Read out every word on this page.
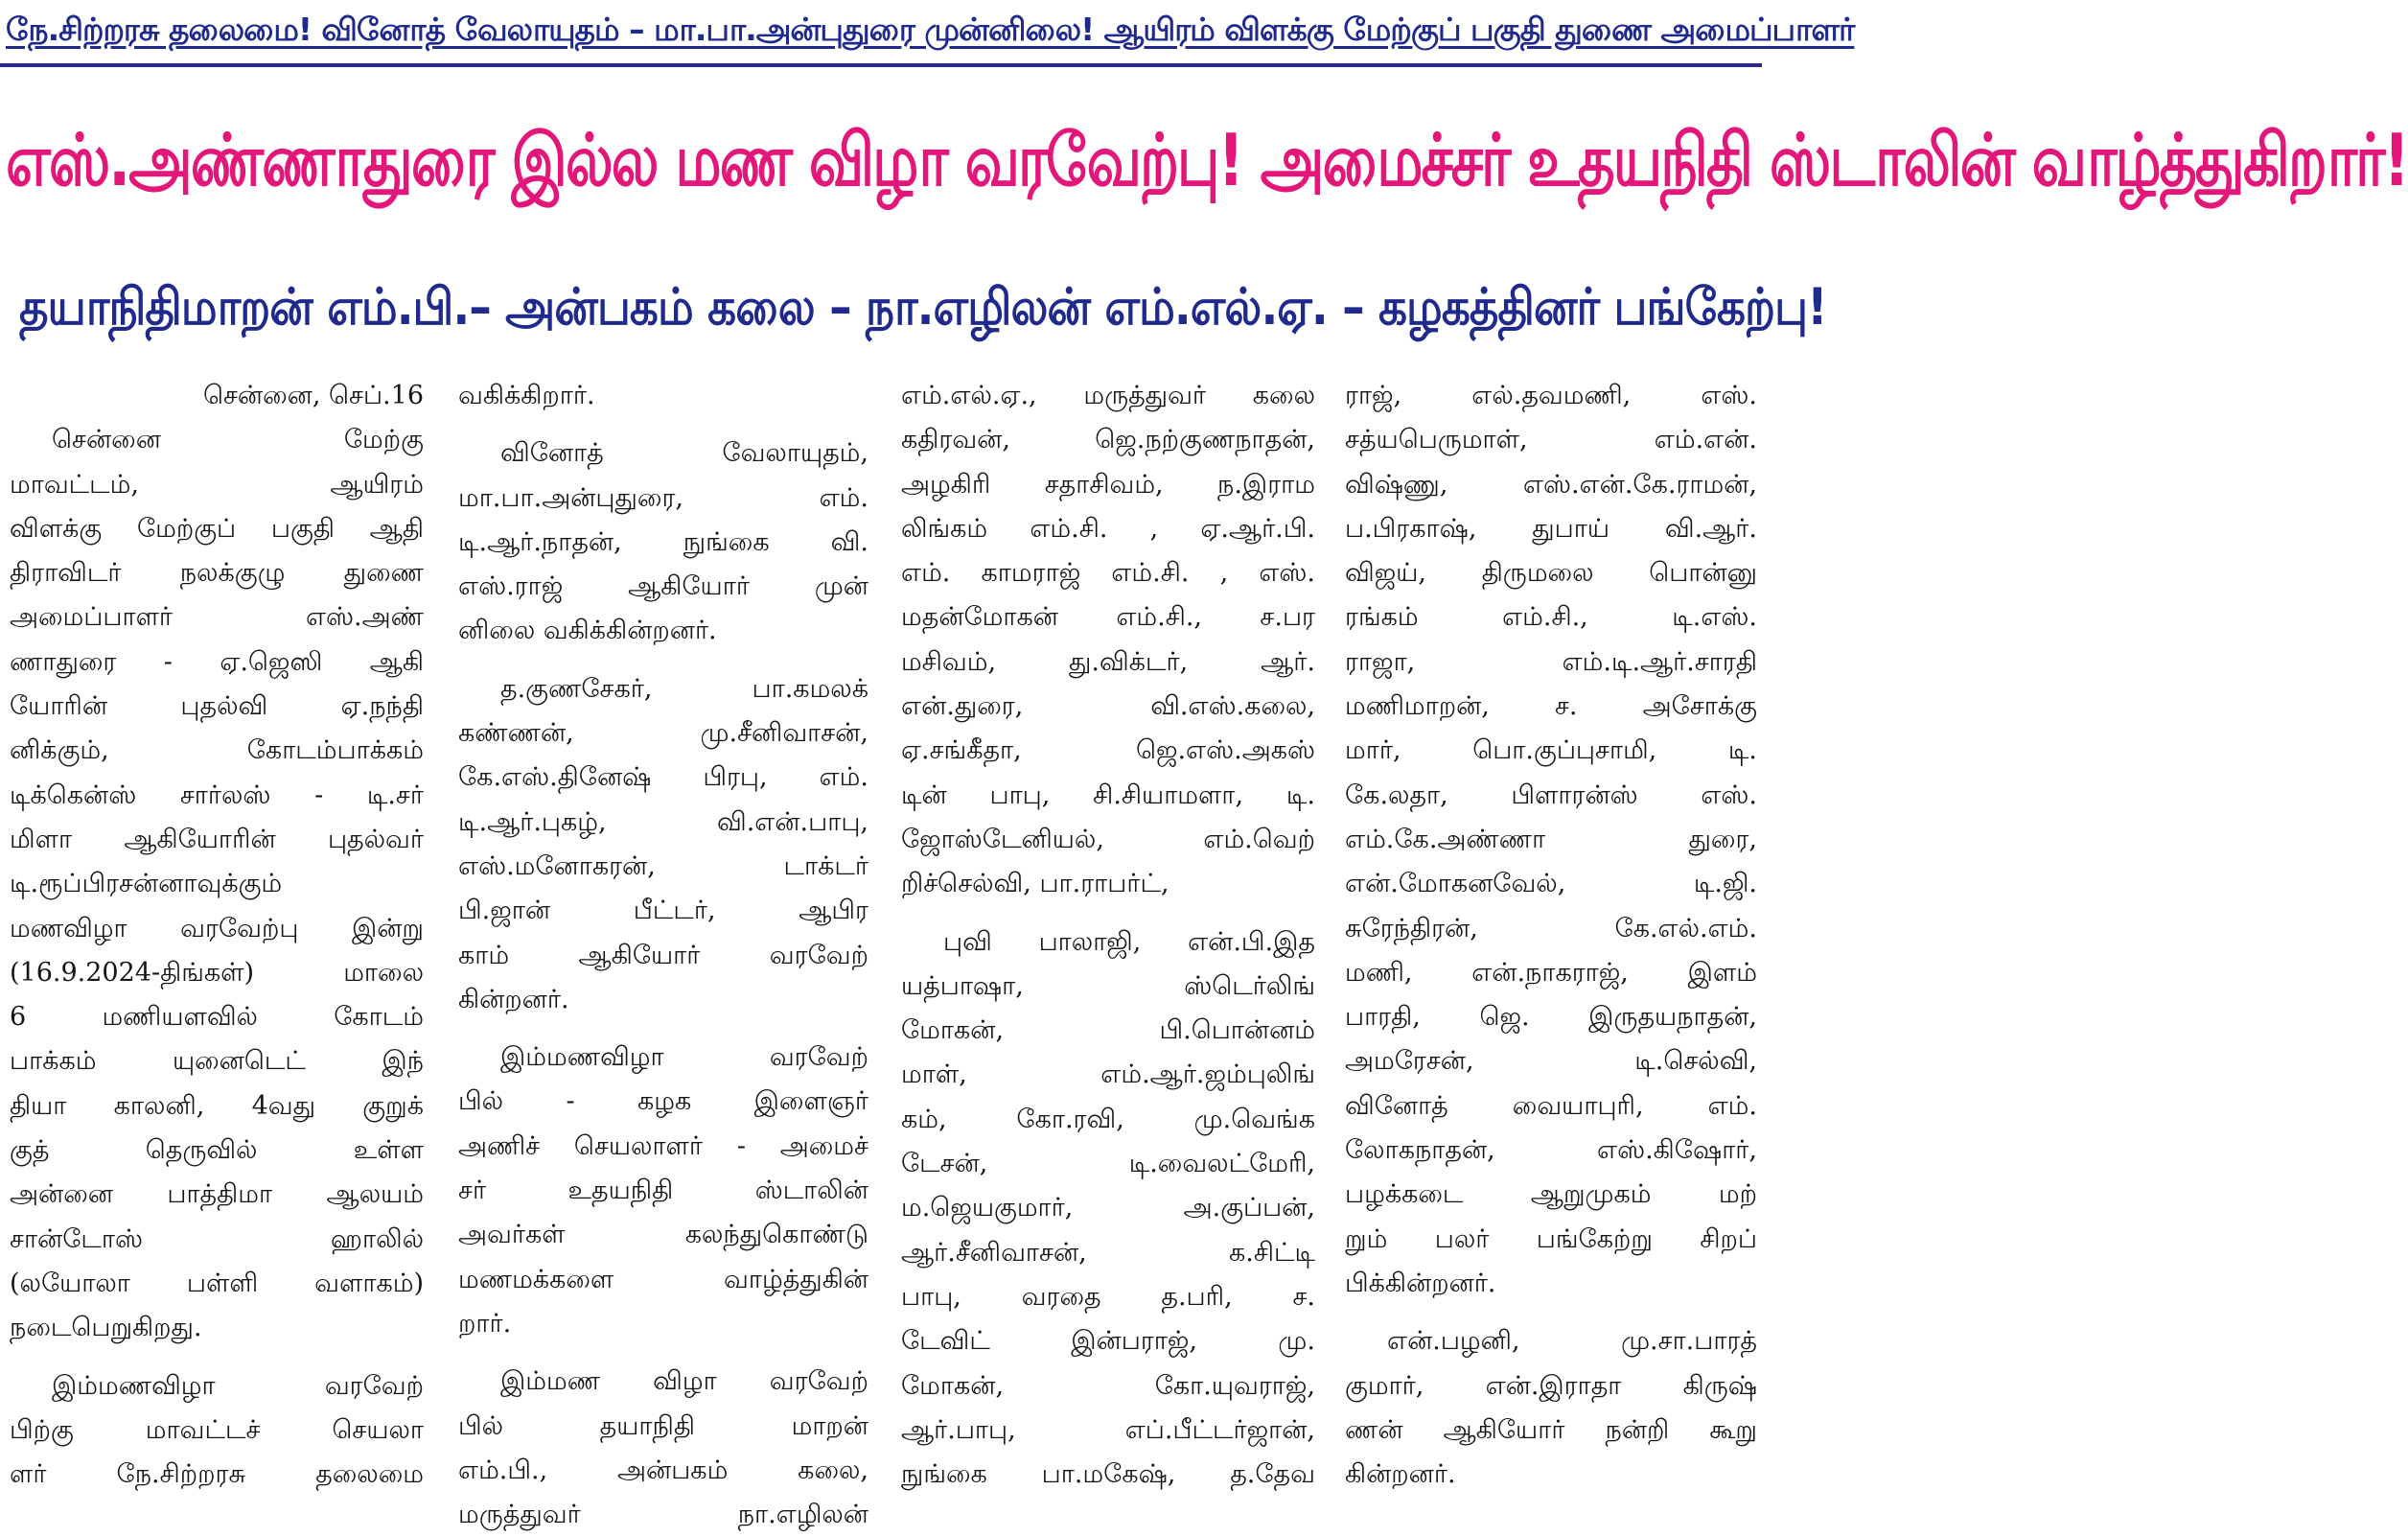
நே.சிற்றரசு தலைமை! வினோத் வேலாயுதம் – மா.பா.அன்புதுரை முன்னிலை! ஆயிரம் விளக்கு மேற்குப் பகுதி துணை அமைப்பாளர்
எஸ்.அண்ணாதுரை இல்ல மண விழா வரவேற்பு! அமைச்சர் உதயநிதி ஸ்டாலின் வாழ்த்துகிறார்!
தயாநிதிமாறன் எம்.பி.– அன்பகம் கலை – நா.எழிலன் எம்.எல்.ஏ. – கழகத்தினர் பங்கேற்பு!
சென்னை, செப்.16
சென்னை	மேற்கு
மாவட்டம்,	ஆயிரம்
விளக்கு மேற்குப் பகுதி ஆதி
திராவிடர் நலக்குழு துணை
அமைப்பாளர்	எஸ்.அண்
ணாதுரை - ஏ.ஜெஸி ஆகி
யோரின்	புதல்வி	ஏ.நந்தி
னிக்கும்,	கோடம்பாக்கம்
டிக்கென்ஸ் சார்லஸ் - டி.சர்
மிளா ஆகியோரின் புதல்வர்
டி.ரூப்பிரசன்னாவுக்கும்
மணவிழா வரவேற்பு இன்று
(16.9.2024-திங்கள்)	மாலை
6	மணியளவில்	கோடம்
பாக்கம்	யுனைடெட்	இந்
தியா காலனி, 4வது குறுக்
குத்	தெருவில்	உள்ள
அன்னை பாத்திமா ஆலயம்
சான்டோஸ்	ஹாலில்
(லயோலா பள்ளி வளாகம்)
நடைபெறுகிறது.
இம்மணவிழா	வரவேற்
பிற்கு	மாவட்டச்	செயலா
ளர்	நே.சிற்றரசு	தலைமை
வகிக்கிறார்.
வினோத்	வேலாயுதம்,
மா.பா.அன்புதுரை,	எம்.
டி.ஆர்.நாதன், நுங்கை வி.
எஸ்.ராஜ்	ஆகியோர்	முன்
னிலை வகிக்கின்றனர்.
த.குணசேகர்,	பா.கமலக்
கண்ணன்,	மு.சீனிவாசன்,
கே.எஸ்.தினேஷ் பிரபு, எம்.
டி.ஆர்.புகழ்,	வி.என்.பாபு,
எஸ்.மனோகரன்,	டாக்டர்
பி.ஜான்	பீட்டர்,	ஆபிர
காம்	ஆகியோர்	வரவேற்
கின்றனர்.
இம்மணவிழா	வரவேற்
பில் - கழக இளைஞர்
அணிச் செயலாளர் - அமைச்
சர்	உதயநிதி	ஸ்டாலின்
அவர்கள்	கலந்துகொண்டு
மணமக்களை	வாழ்த்துகின்
றார்.
இம்மண விழா வரவேற்
பில்	தயாநிதி	மாறன்
எம்.பி.,	அன்பகம்	கலை,
மருத்துவர்	நா.எழிலன்
எம்.எல்.ஏ., மருத்துவர் கலை
கதிரவன்,	ஜெ.நற்குணநாதன்,
அழகிரி சதாசிவம், ந.இராம
லிங்கம் எம்.சி. , ஏ.ஆர்.பி.
எம். காமராஜ் எம்.சி. , எஸ்.
மதன்மோகன் எம்.சி., ச.பர
மசிவம்,	து.விக்டர்,	ஆர்.
என்.துரை,	வி.எஸ்.கலை,
ஏ.சங்கீதா,	ஜெ.எஸ்.அகஸ்
டின் பாபு, சி.சியாமளா, டி.
ஜோஸ்டேனியல்,	எம்.வெற்
றிச்செல்வி, பா.ராபர்ட்,
புவி பாலாஜி, என்.பி.இத
யத்பாஷா,	ஸ்டெர்லிங்
மோகன்,	பி.பொன்னம்
மாள்,	எம்.ஆர்.ஜம்புலிங்
கம்,	கோ.ரவி,	மு.வெங்க
டேசன்,	டி.வைலட்மேரி,
ம.ஜெயகுமார்,	அ.குப்பன்,
ஆர்.சீனிவாசன்,	க.சிட்டி
பாபு, வரதை த.பரி, ச.
டேவிட்	இன்பராஜ்,	மு.
மோகன்,	கோ.யுவராஜ்,
ஆர்.பாபு,	எப்.பீட்டர்ஜான்,
நுங்கை பா.மகேஷ், த.தேவ
ராஜ்,	எல்.தவமணி,	எஸ்.
சத்யபெருமாள்,	எம்.என்.
விஷ்ணு,	எஸ்.என்.கே.ராமன்,
ப.பிரகாஷ், துபாய் வி.ஆர்.
விஜய், திருமலை பொன்னு
ரங்கம்	எம்.சி.,	டி.எஸ்.
ராஜா,	எம்.டி.ஆர்.சாரதி
மணிமாறன்,	ச.	அசோக்கு
மார்,	பொ.குப்புசாமி,	டி.
கே.லதா, பிளாரன்ஸ் எஸ்.
எம்.கே.அண்ணா	துரை,
என்.மோகனவேல்,	டி.ஜி.
சுரேந்திரன்,	கே.எல்.எம்.
மணி, என்.நாகராஜ், இளம்
பாரதி, ஜெ. இருதயநாதன்,
அமரேசன்,	டி.செல்வி,
வினோத் வையாபுரி, எம்.
லோகநாதன்,	எஸ்.கிஷோர்,
பழக்கடை	ஆறுமுகம்	மற்
றும் பலர் பங்கேற்று சிறப்
பிக்கின்றனர்.
என்.பழனி,	மு.சா.பாரத்
குமார், என்.இராதா கிருஷ்
ணன் ஆகியோர் நன்றி கூறு
கின்றனர்.
